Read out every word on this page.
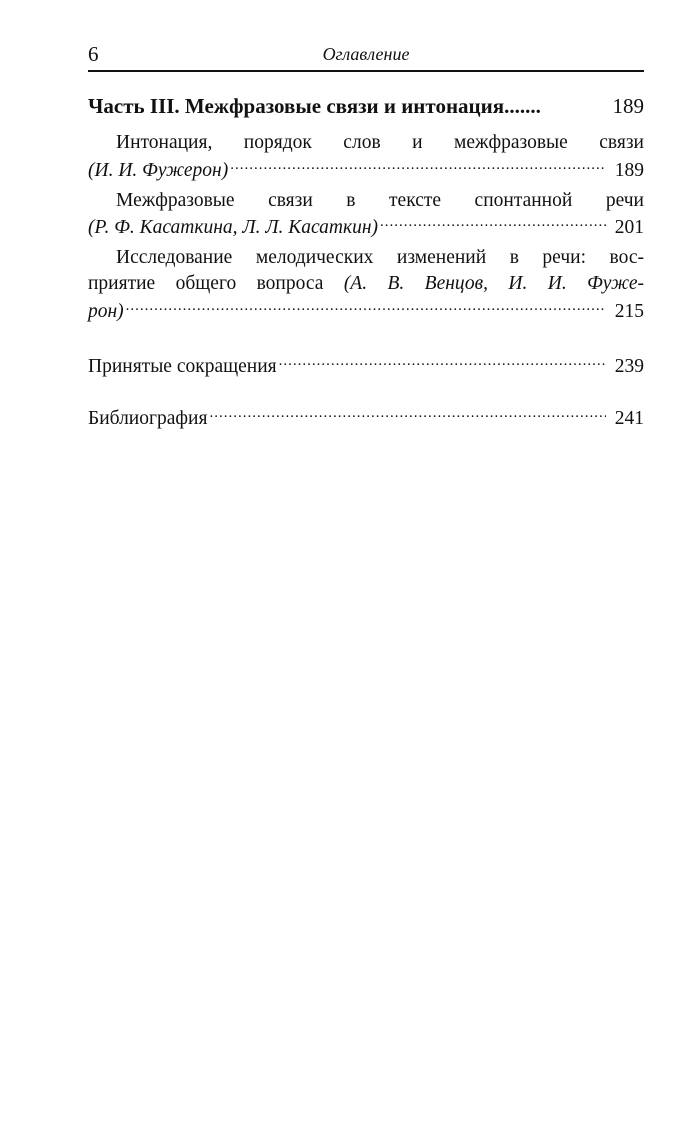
6	Оглавление
Часть III. Межфразовые связи и интонация.......	189
Интонация, порядок слов и межфразовые связи
(И. И. Фужерон) .....	189
Межфразовые связи в тексте спонтанной речи
(Р. Ф. Касаткина, Л. Л. Касаткин) .....	201
Исследование мелодических изменений в речи: вос-
приятие общего вопроса (А. В. Венцов, И. И. Фуже-
рон) .....	215
Принятые сокращения .....	239
Библиография .....	241
